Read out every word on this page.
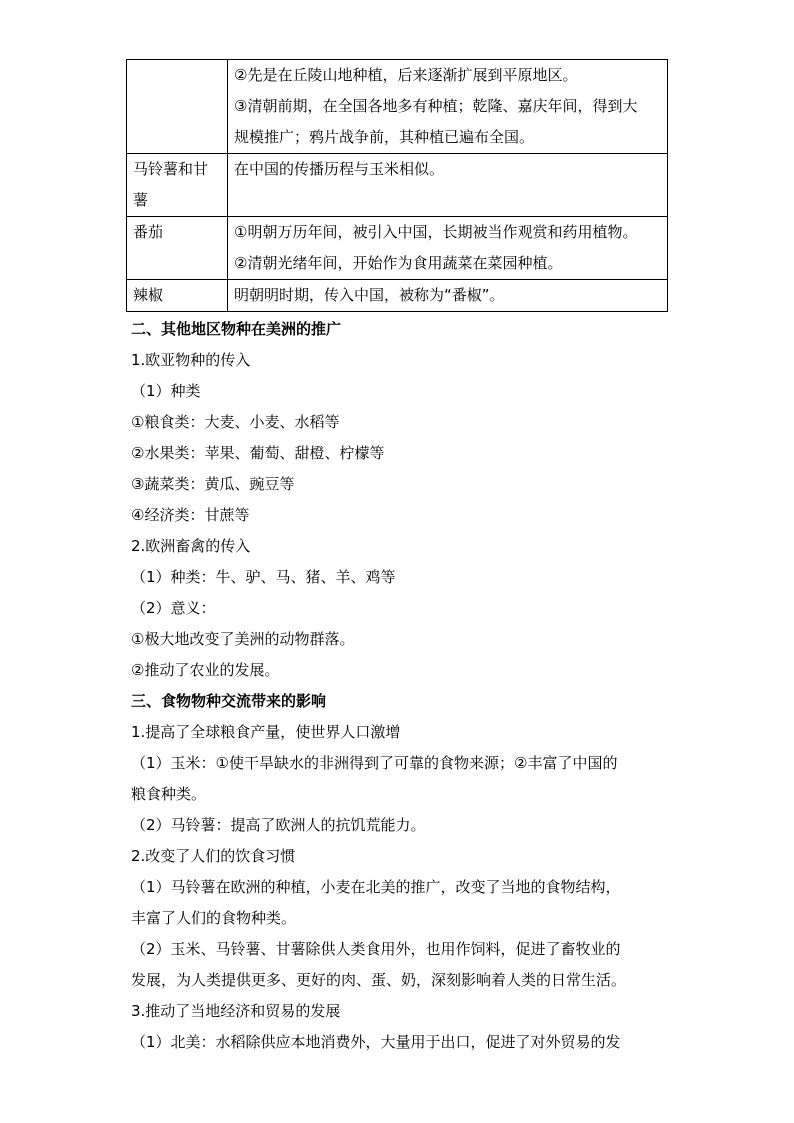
	②先是在丘陵山地种植，后来逐渐扩展到平原地区。
③清朝前期，在全国各地多有种植；乾隆、嘉庆年间，得到大
规模推广；鸦片战争前，其种植已遍布全国。

马铃薯和甘薯	在中国的传播历程与玉米相似。

番茄	①明朝万历年间，被引入中国，长期被当作观赏和药用植物。
②清朝光绪年间，开始作为食用蔬菜在菜园种植。

辣椒	明朝明时期，传入中国，被称为“番椒”。
二、其他地区物种在美洲的推广
1.欧亚物种的传入
（1）种类
①粮食类：大麦、小麦、水稻等
②水果类：苹果、葡萄、甜橙、柠檬等
③蔬菜类：黄瓜、豌豆等
④经济类：甘蔗等
2.欧洲畜禽的传入
（1）种类：牛、驴、马、猪、羊、鸡等
（2）意义：
①极大地改变了美洲的动物群落。
②推动了农业的发展。
三、食物物种交流带来的影响
1.提高了全球粮食产量，使世界人口激增
（1）玉米：①使干旱缺水的非洲得到了可靠的食物来源；②丰富了中国的
粮食种类。
（2）马铃薯：提高了欧洲人的抗饥荒能力。
2.改变了人们的饮食习惯
（1）马铃薯在欧洲的种植，小麦在北美的推广，改变了当地的食物结构，
丰富了人们的食物种类。
（2）玉米、马铃薯、甘薯除供人类食用外，也用作饲料，促进了畜牧业的
发展，为人类提供更多、更好的肉、蛋、奶，深刻影响着人类的日常生活。
3.推动了当地经济和贸易的发展
（1）北美：水稻除供应本地消费外，大量用于出口，促进了对外贸易的发
